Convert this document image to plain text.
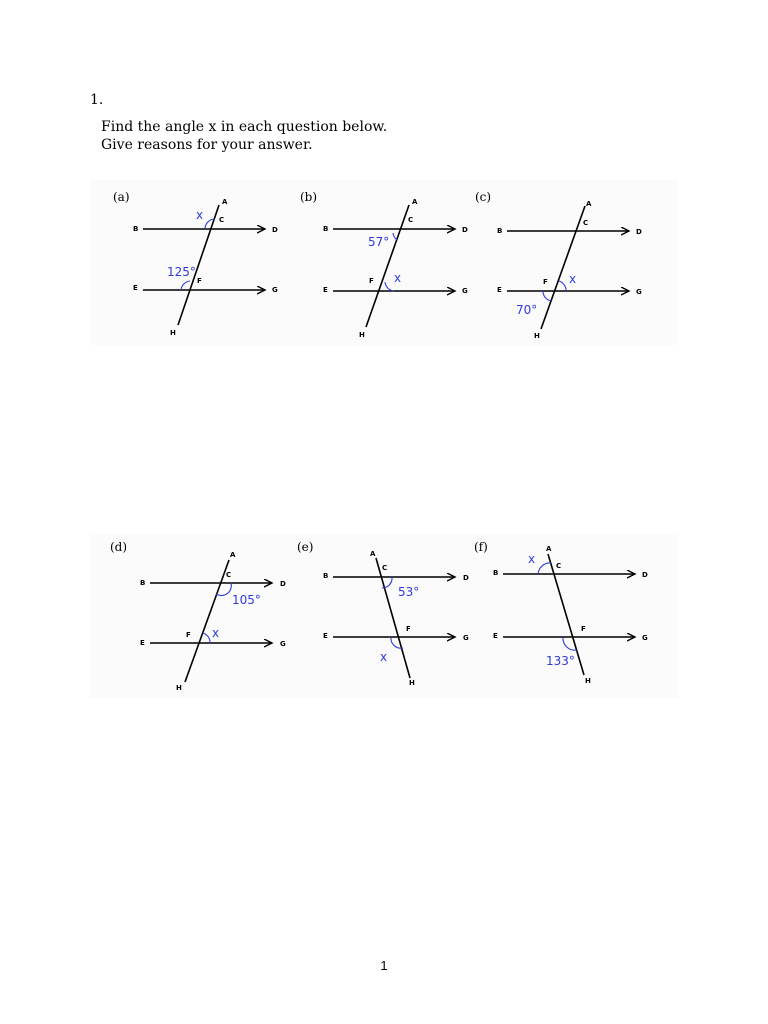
1.
Find the angle x in each question below.
Give reasons for your answer.
(a)	A
B
C
D
E
F
G
H
x
125°
(b)	A
B
C
D
E
F
G
H
57°
x
(c)	A
B
C
D
E
F
G
H
x
70°
(d)
A
B
C
D
E
F
G
H
105°
x
(e)	A
B
C
D
E
F
G
H
53°
x
(f)	A
B
C
D
E
F
G
H
x
133°
1
